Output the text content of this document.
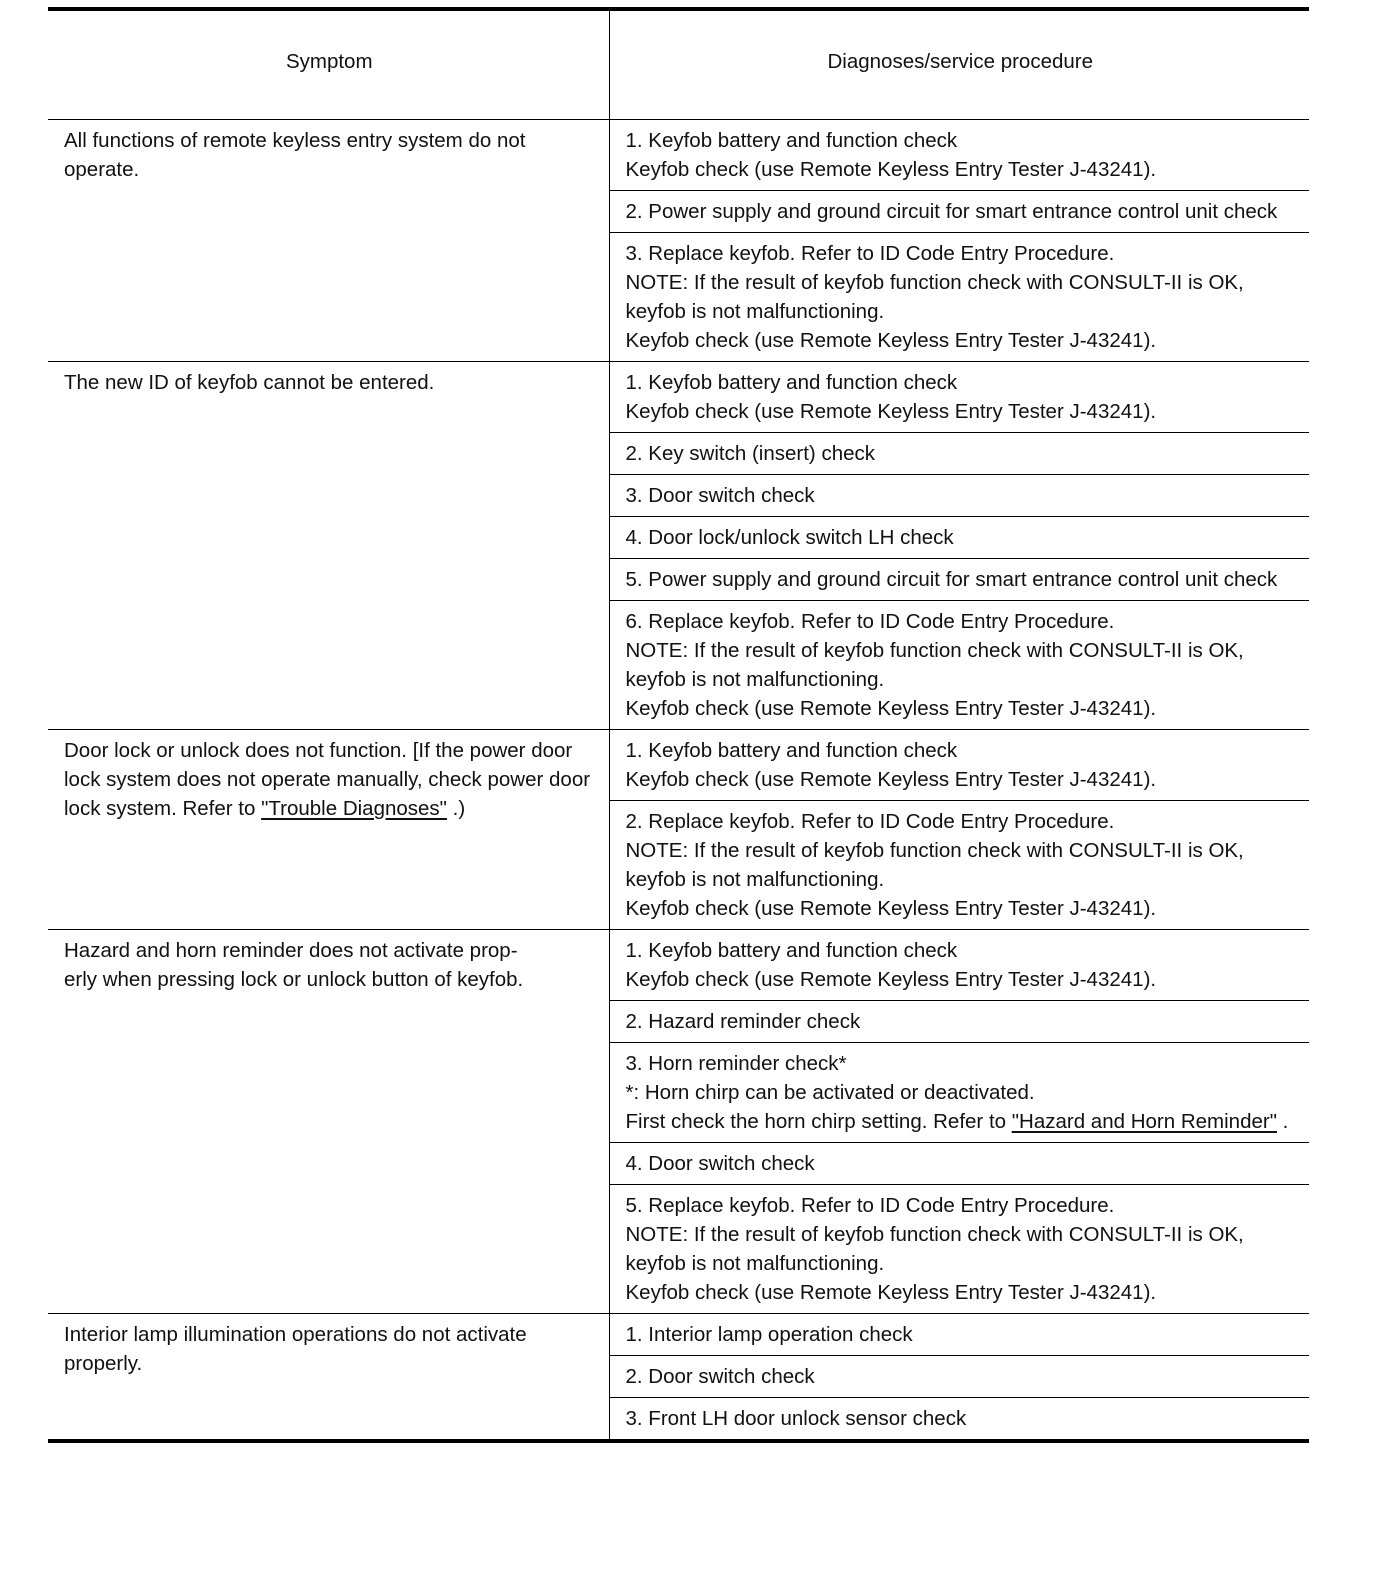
Symptom	Diagnoses/service procedure

All functions of remote keyless entry system do not operate.	1. Keyfob battery and function check
Keyfob check (use Remote Keyless Entry Tester J-43241).

	2. Power supply and ground circuit for smart entrance control unit check

	3. Replace keyfob. Refer to ID Code Entry Procedure.
NOTE: If the result of keyfob function check with CONSULT-II is OK, keyfob is not malfunctioning.
Keyfob check (use Remote Keyless Entry Tester J-43241).

The new ID of keyfob cannot be entered.	1. Keyfob battery and function check
Keyfob check (use Remote Keyless Entry Tester J-43241).

	2. Key switch (insert) check

	3. Door switch check

	4. Door lock/unlock switch LH check

	5. Power supply and ground circuit for smart entrance control unit check

	6. Replace keyfob. Refer to ID Code Entry Procedure.
NOTE: If the result of keyfob function check with CONSULT-II is OK, keyfob is not malfunctioning.
Keyfob check (use Remote Keyless Entry Tester J-43241).

Door lock or unlock does not function. [If the power door lock system does not operate manually, check power door lock system. Refer to "Trouble Diagnoses" .)	1. Keyfob battery and function check
Keyfob check (use Remote Keyless Entry Tester J-43241).

	2. Replace keyfob. Refer to ID Code Entry Procedure.
NOTE: If the result of keyfob function check with CONSULT-II is OK, keyfob is not malfunctioning.
Keyfob check (use Remote Keyless Entry Tester J-43241).

Hazard and horn reminder does not activate prop-
erly when pressing lock or unlock button of keyfob.	1. Keyfob battery and function check
Keyfob check (use Remote Keyless Entry Tester J-43241).

	2. Hazard reminder check

	3. Horn reminder check*
*: Horn chirp can be activated or deactivated.
First check the horn chirp setting. Refer to "Hazard and Horn Reminder" .

	4. Door switch check

	5. Replace keyfob. Refer to ID Code Entry Procedure.
NOTE: If the result of keyfob function check with CONSULT-II is OK, keyfob is not malfunctioning.
Keyfob check (use Remote Keyless Entry Tester J-43241).

Interior lamp illumination operations do not activate properly.	1. Interior lamp operation check

	2. Door switch check

	3. Front LH door unlock sensor check
